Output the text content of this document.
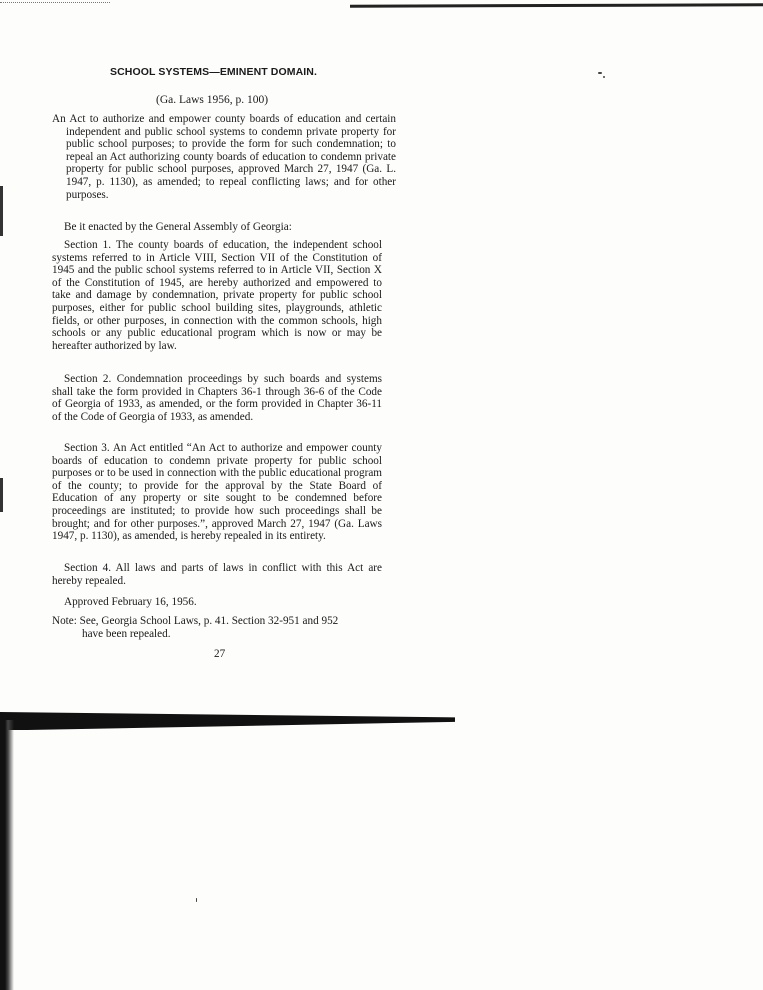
SCHOOL SYSTEMS—EMINENT DOMAIN.
(Ga. Laws 1956, p. 100)
An Act to authorize and empower county boards of education and certain independent and public school systems to condemn private property for public school purposes; to provide the form for such condemnation; to repeal an Act authorizing county boards of education to condemn private property for public school purposes, approved March 27, 1947 (Ga. L. 1947, p. 1130), as amended; to repeal conflicting laws; and for other purposes.
Be it enacted by the General Assembly of Georgia:
Section 1. The county boards of education, the independent school systems referred to in Article VIII, Section VII of the Constitution of 1945 and the public school systems referred to in Article VII, Section X of the Constitution of 1945, are hereby authorized and empowered to take and damage by condemnation, private property for public school purposes, either for public school building sites, playgrounds, athletic fields, or other purposes, in connection with the common schools, high schools or any public educational program which is now or may be hereafter authorized by law.
Section 2. Condemnation proceedings by such boards and systems shall take the form provided in Chapters 36-1 through 36-6 of the Code of Georgia of 1933, as amended, or the form provided in Chapter 36-11 of the Code of Georgia of 1933, as amended.
Section 3. An Act entitled “An Act to authorize and empower county boards of education to condemn private property for public school purposes or to be used in connection with the public educational program of the county; to provide for the approval by the State Board of Education of any property or site sought to be condemned before proceedings are instituted; to provide how such proceedings shall be brought; and for other purposes.”, approved March 27, 1947 (Ga. Laws 1947, p. 1130), as amended, is hereby repealed in its entirety.
Section 4. All laws and parts of laws in conflict with this Act are hereby repealed.
Approved February 16, 1956.
Note: See, Georgia School Laws, p. 41. Section 32-951 and 952
have been repealed.
27
